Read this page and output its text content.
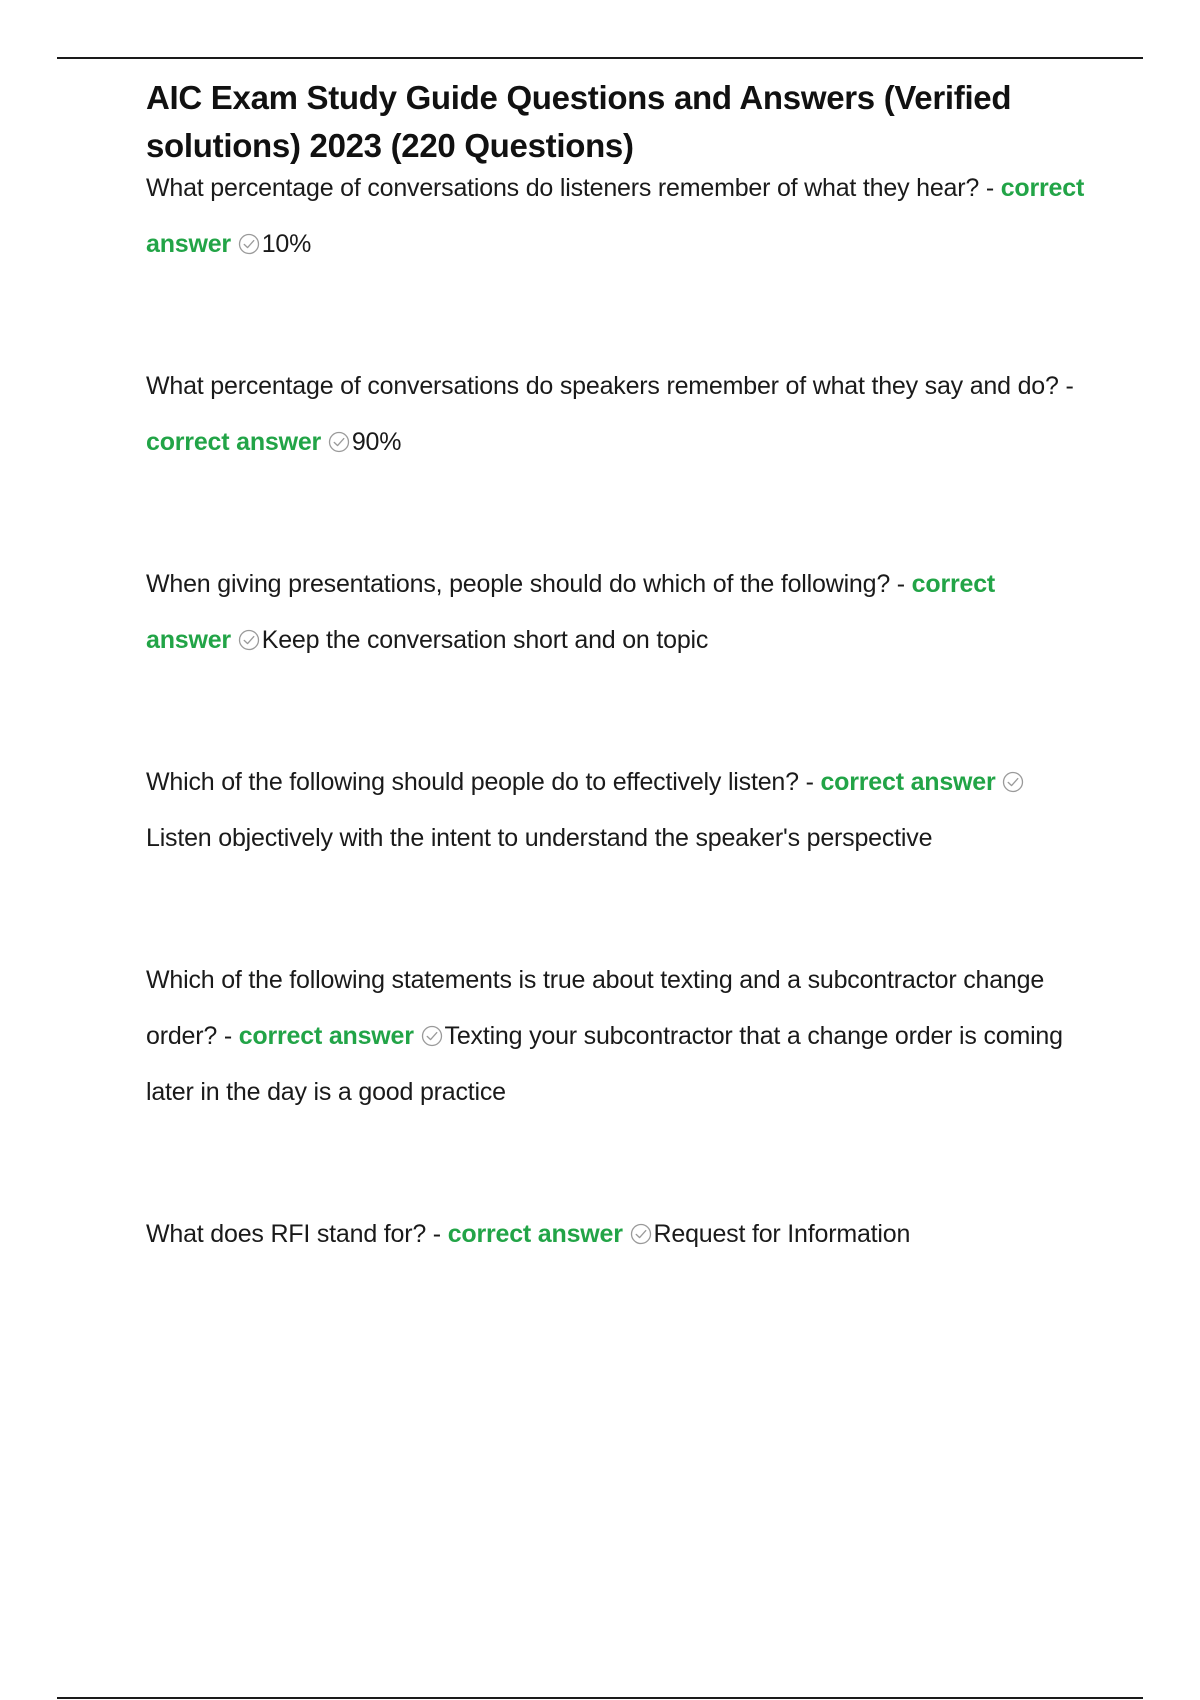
AIC Exam Study Guide Questions and Answers (Verified solutions) 2023 (220 Questions)

What percentage of conversations do listeners remember of what they hear? - correct answer 10%

What percentage of conversations do speakers remember of what they say and do? - correct answer 90%

When giving presentations, people should do which of the following? - correct answer Keep the conversation short and on topic

Which of the following should people do to effectively listen? - correct answer
Listen objectively with the intent to understand the speaker's perspective

Which of the following statements is true about texting and a subcontractor change order? - correct answer Texting your subcontractor that a change order is coming later in the day is a good practice

What does RFI stand for? - correct answer Request for Information
